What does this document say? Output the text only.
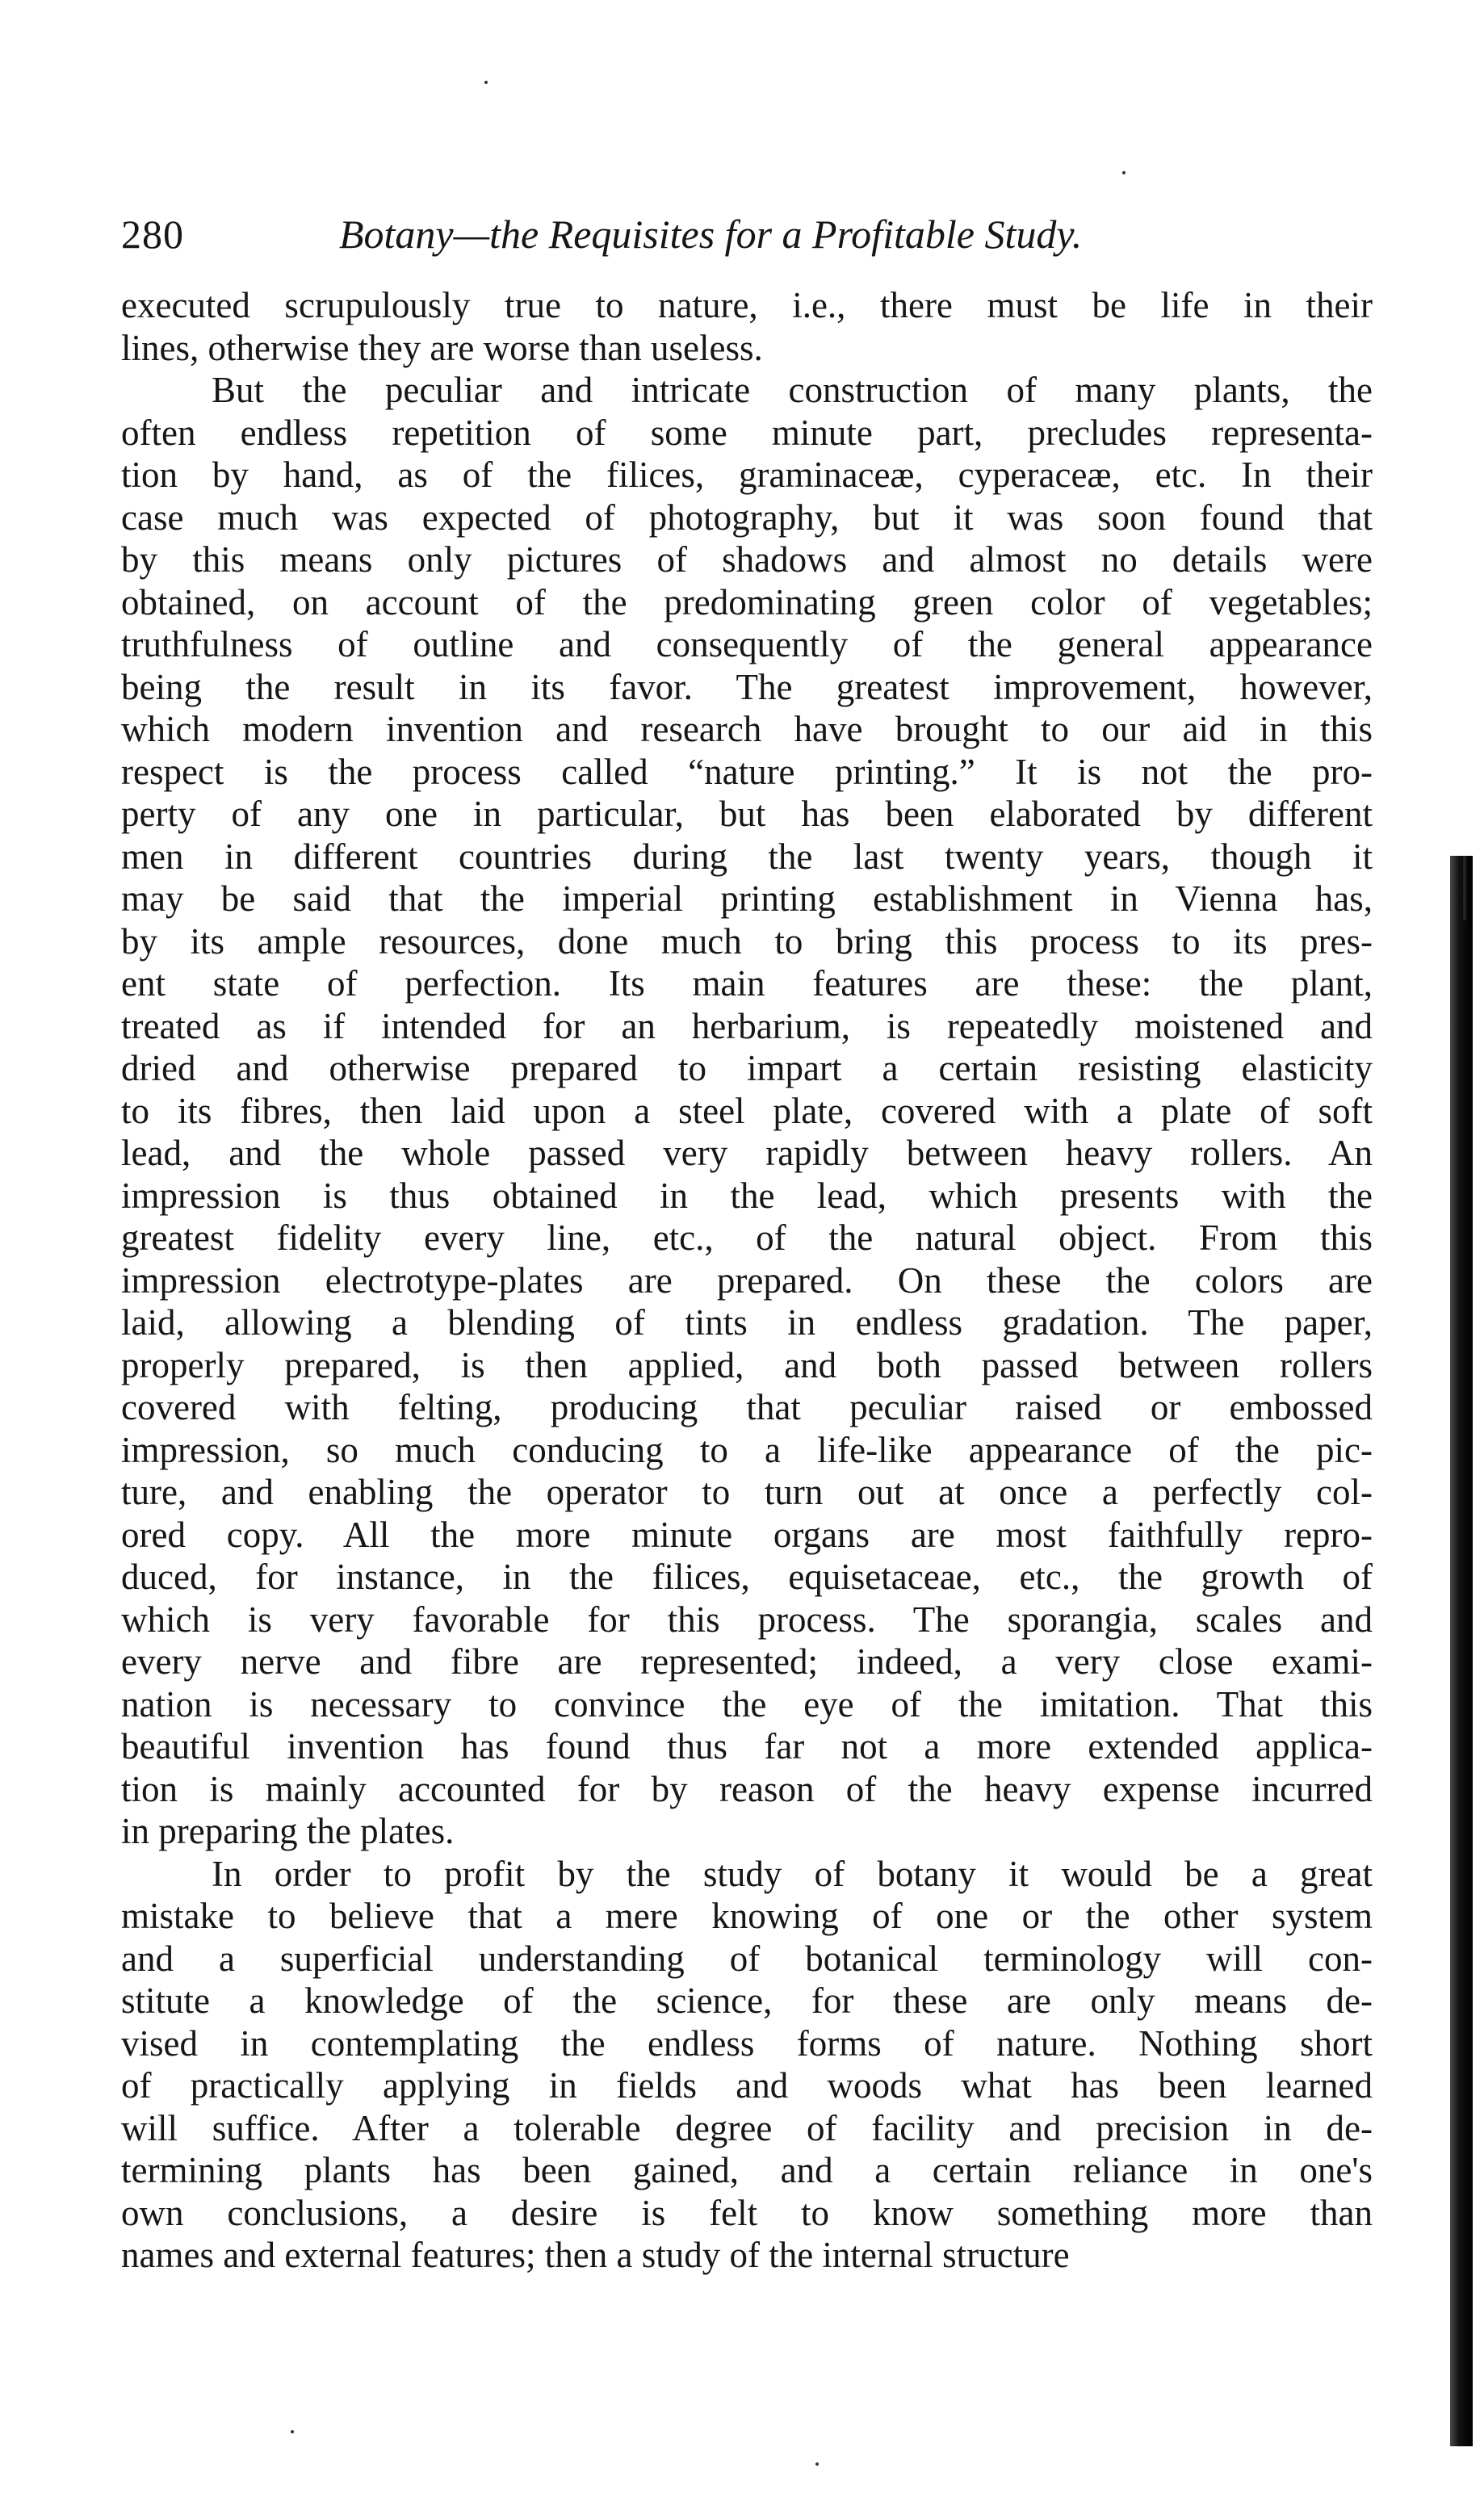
280	Botany—the Requisites for a Profitable Study.
executed scrupulously true to nature, i.e., there must be life in their
lines, otherwise they are worse than useless.
But the peculiar and intricate construction of many plants, the
often endless repetition of some minute part, precludes representa-
tion by hand, as of the filices, graminaceæ, cyperaceæ, etc. In their
case much was expected of photography, but it was soon found that
by this means only pictures of shadows and almost no details were
obtained, on account of the predominating green color of vegetables;
truthfulness of outline and consequently of the general appearance
being the result in its favor. The greatest improvement, however,
which modern invention and research have brought to our aid in this
respect is the process called “nature printing.” It is not the pro-
perty of any one in particular, but has been elaborated by different
men in different countries during the last twenty years, though it
may be said that the imperial printing establishment in Vienna has,
by its ample resources, done much to bring this process to its pres-
ent state of perfection. Its main features are these: the plant,
treated as if intended for an herbarium, is repeatedly moistened and
dried and otherwise prepared to impart a certain resisting elasticity
to its fibres, then laid upon a steel plate, covered with a plate of soft
lead, and the whole passed very rapidly between heavy rollers. An
impression is thus obtained in the lead, which presents with the
greatest fidelity every line, etc., of the natural object. From this
impression electrotype-plates are prepared. On these the colors are
laid, allowing a blending of tints in endless gradation. The paper,
properly prepared, is then applied, and both passed between rollers
covered with felting, producing that peculiar raised or embossed
impression, so much conducing to a life-like appearance of the pic-
ture, and enabling the operator to turn out at once a perfectly col-
ored copy. All the more minute organs are most faithfully repro-
duced, for instance, in the filices, equisetaceae, etc., the growth of
which is very favorable for this process. The sporangia, scales and
every nerve and fibre are represented; indeed, a very close exami-
nation is necessary to convince the eye of the imitation. That this
beautiful invention has found thus far not a more extended applica-
tion is mainly accounted for by reason of the heavy expense incurred
in preparing the plates.
In order to profit by the study of botany it would be a great
mistake to believe that a mere knowing of one or the other system
and a superficial understanding of botanical terminology will con-
stitute a knowledge of the science, for these are only means de-
vised in contemplating the endless forms of nature. Nothing short
of practically applying in fields and woods what has been learned
will suffice. After a tolerable degree of facility and precision in de-
termining plants has been gained, and a certain reliance in one's
own conclusions, a desire is felt to know something more than
names and external features; then a study of the internal structure
